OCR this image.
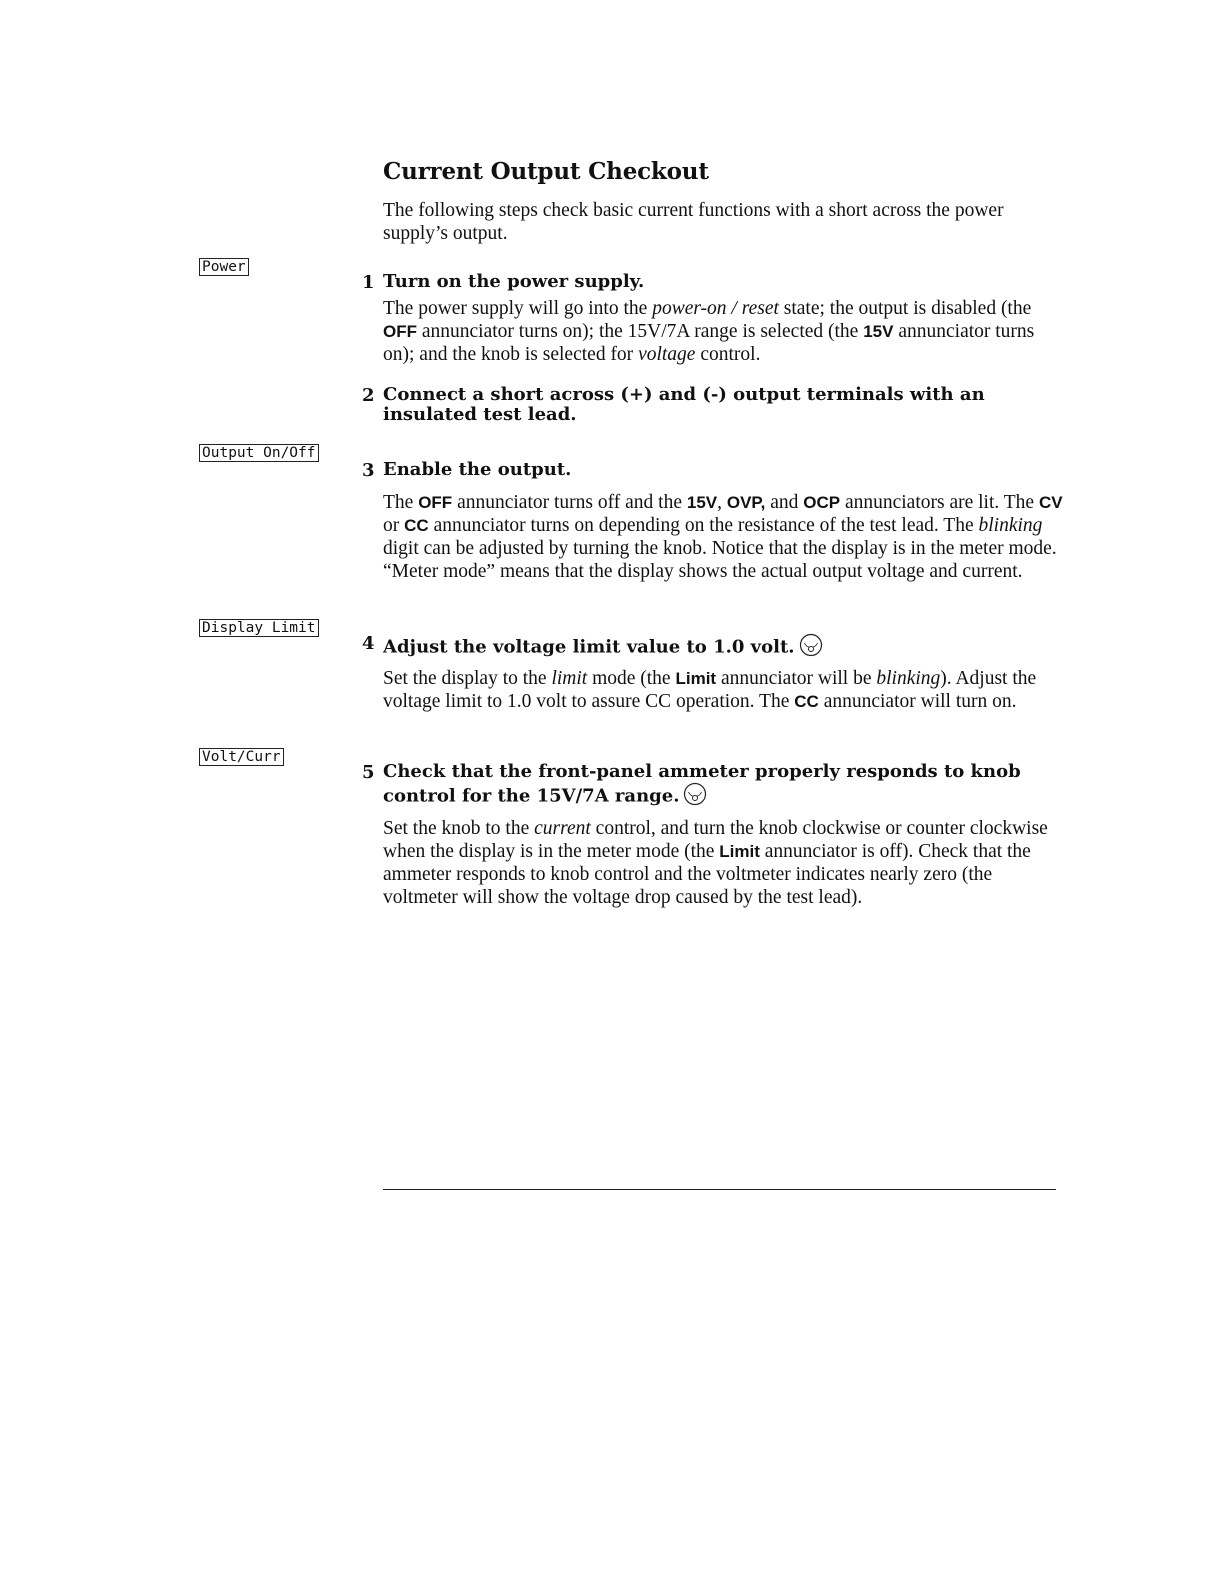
Current Output Checkout

The following steps check basic current functions with a short across the power supply’s output.

Power
1 Turn on the power supply.

The power supply will go into the power-on / reset state; the output is disabled (the OFF annunciator turns on); the 15V/7A range is selected (the 15V annunciator turns on); and the knob is selected for voltage control.

2 Connect a short across (+) and (-) output terminals with an insulated test lead.

Output On/Off
3 Enable the output.

The OFF annunciator turns off and the 15V, OVP, and OCP annunciators are lit. The CV or CC annunciator turns on depending on the resistance of the test lead. The blinking digit can be adjusted by turning the knob. Notice that the display is in the meter mode. “Meter mode” means that the display shows the actual output voltage and current.

Display Limit
4 Adjust the voltage limit value to 1.0 volt.

Set the display to the limit mode (the Limit annunciator will be blinking). Adjust the voltage limit to 1.0 volt to assure CC operation. The CC annunciator will turn on.

Volt/Curr
5 Check that the front-panel ammeter properly responds to knob control for the 15V/7A range.

Set the knob to the current control, and turn the knob clockwise or counter clockwise when the display is in the meter mode (the Limit annunciator is off). Check that the ammeter responds to knob control and the voltmeter indicates nearly zero (the voltmeter will show the voltage drop caused by the test lead).
